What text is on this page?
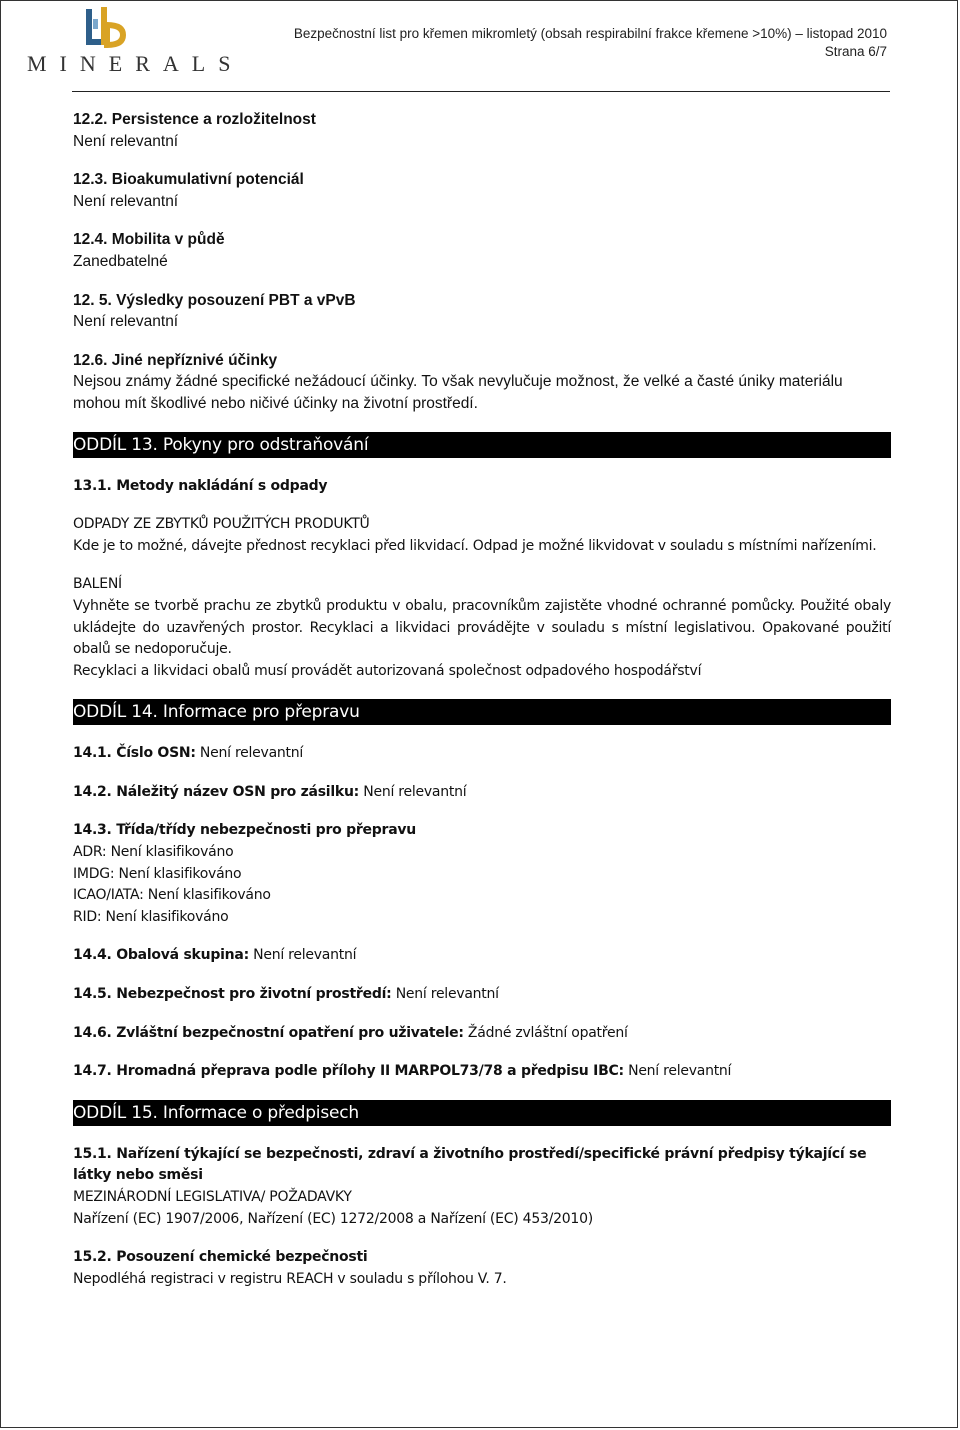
MINERALS
Bezpečnostní list pro křemen mikromletý (obsah respirabilní frakce křemene >10%) – listopad 2010
Strana 6/7

12.2. Persistence a rozložitelnost

Není relevantní

12.3. Bioakumulativní potenciál

Není relevantní

12.4. Mobilita v půdě

Zanedbatelné

12. 5. Výsledky posouzení PBT a vPvB

Není relevantní

12.6. Jiné nepříznivé účinky

Nejsou známy žádné specifické nežádoucí účinky. To však nevylučuje možnost, že velké a časté úniky materiálu mohou mít škodlivé nebo ničivé účinky na životní prostředí.

ODDÍL 13. Pokyny pro odstraňování

13.1. Metody nakládání s odpady

ODPADY ZE ZBYTKŮ POUŽITÝCH PRODUKTŮ

Kde je to možné, dávejte přednost recyklaci před likvidací. Odpad je možné likvidovat v souladu s místními nařízeními.

BALENÍ

Vyhněte se tvorbě prachu ze zbytků produktu v obalu, pracovníkům zajistěte vhodné ochranné pomůcky. Použité obaly ukládejte do uzavřených prostor. Recyklaci a likvidaci provádějte v souladu s místní legislativou. Opakované použití obalů se nedoporučuje.

Recyklaci a likvidaci obalů musí provádět autorizovaná společnost odpadového hospodářství

ODDÍL 14. Informace pro přepravu

14.1. Číslo OSN: Není relevantní

14.2. Náležitý název OSN pro zásilku: Není relevantní

14.3. Třída/třídy nebezpečnosti pro přepravu

ADR: Není klasifikováno

IMDG: Není klasifikováno

ICAO/IATA: Není klasifikováno

RID: Není klasifikováno

14.4. Obalová skupina: Není relevantní

14.5. Nebezpečnost pro životní prostředí: Není relevantní

14.6. Zvláštní bezpečnostní opatření pro uživatele: Žádné zvláštní opatření

14.7. Hromadná přeprava podle přílohy II MARPOL73/78 a předpisu IBC: Není relevantní

ODDÍL 15. Informace o předpisech

15.1. Nařízení týkající se bezpečnosti, zdraví a životního prostředí/specifické právní předpisy týkající se látky nebo směsi

MEZINÁRODNÍ LEGISLATIVA/ POŽADAVKY

Nařízení (EC) 1907/2006, Nařízení (EC) 1272/2008 a Nařízení (EC) 453/2010)

15.2. Posouzení chemické bezpečnosti

Nepodléhá registraci v registru REACH v souladu s přílohou V. 7.
